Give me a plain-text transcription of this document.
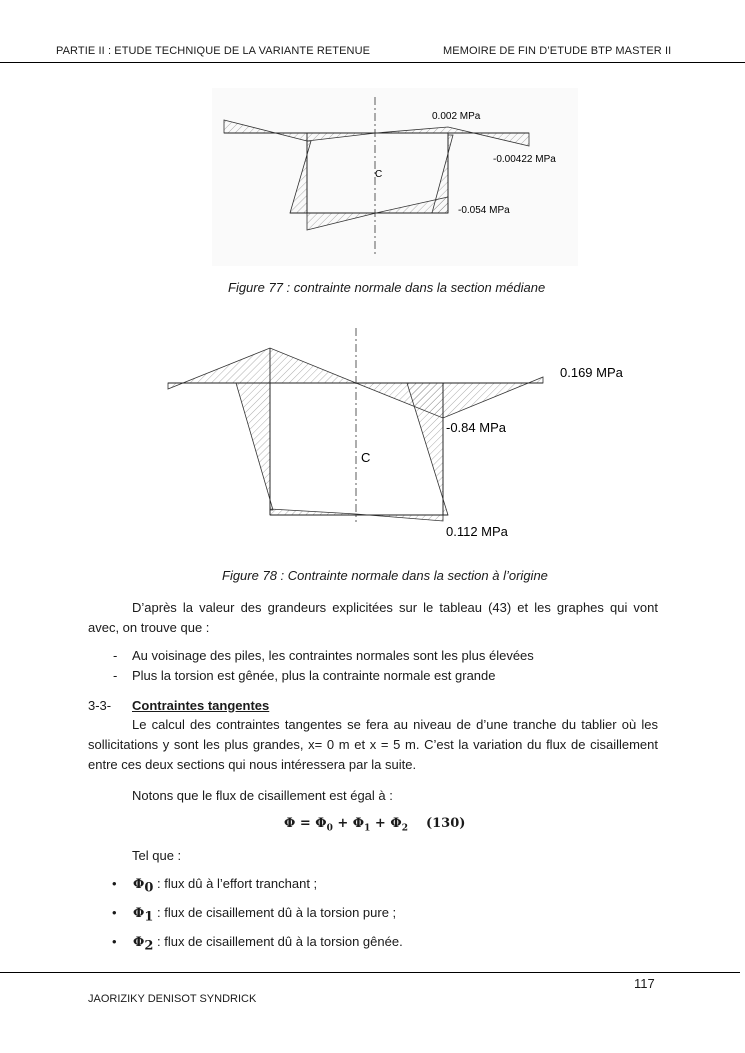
PARTIE II : ETUDE TECHNIQUE DE LA VARIANTE RETENUE	MEMOIRE DE FIN D’ETUDE BTP MASTER II
0.002 MPa
-0.00422 MPa
C
-0.054 MPa
0.169 MPa
-0.84 MPa
C
0.112 MPa
Figure 77 : contrainte normale dans la section médiane
Figure 78 : Contrainte normale dans la section à l’origine
D’après la valeur des grandeurs explicitées sur le tableau (43) et les graphes qui vont avec, on trouve que :
- Au voisinage des piles, les contraintes normales sont les plus élevées
- Plus la torsion est gênée, plus la contrainte normale est grande
3-3- Contraintes tangentes
Le calcul des contraintes tangentes se fera au niveau de d’une tranche du tablier où les sollicitations y sont les plus grandes, x= 0 m et x = 5 m. C’est la variation du flux de cisaillement entre ces deux sections qui nous intéressera par la suite.
Notons que le flux de cisaillement est égal à :
$\Phi = \Phi_0 + \Phi_1 + \Phi_2$ (130)
Tel que :
• $\Phi_0$ : flux dû à l’effort tranchant ;
• $\Phi_1$ : flux de cisaillement dû à la torsion pure ;
• $\Phi_2$ : flux de cisaillement dû à la torsion gênée.
117
JAORIZIKY DENISOT SYNDRICK
